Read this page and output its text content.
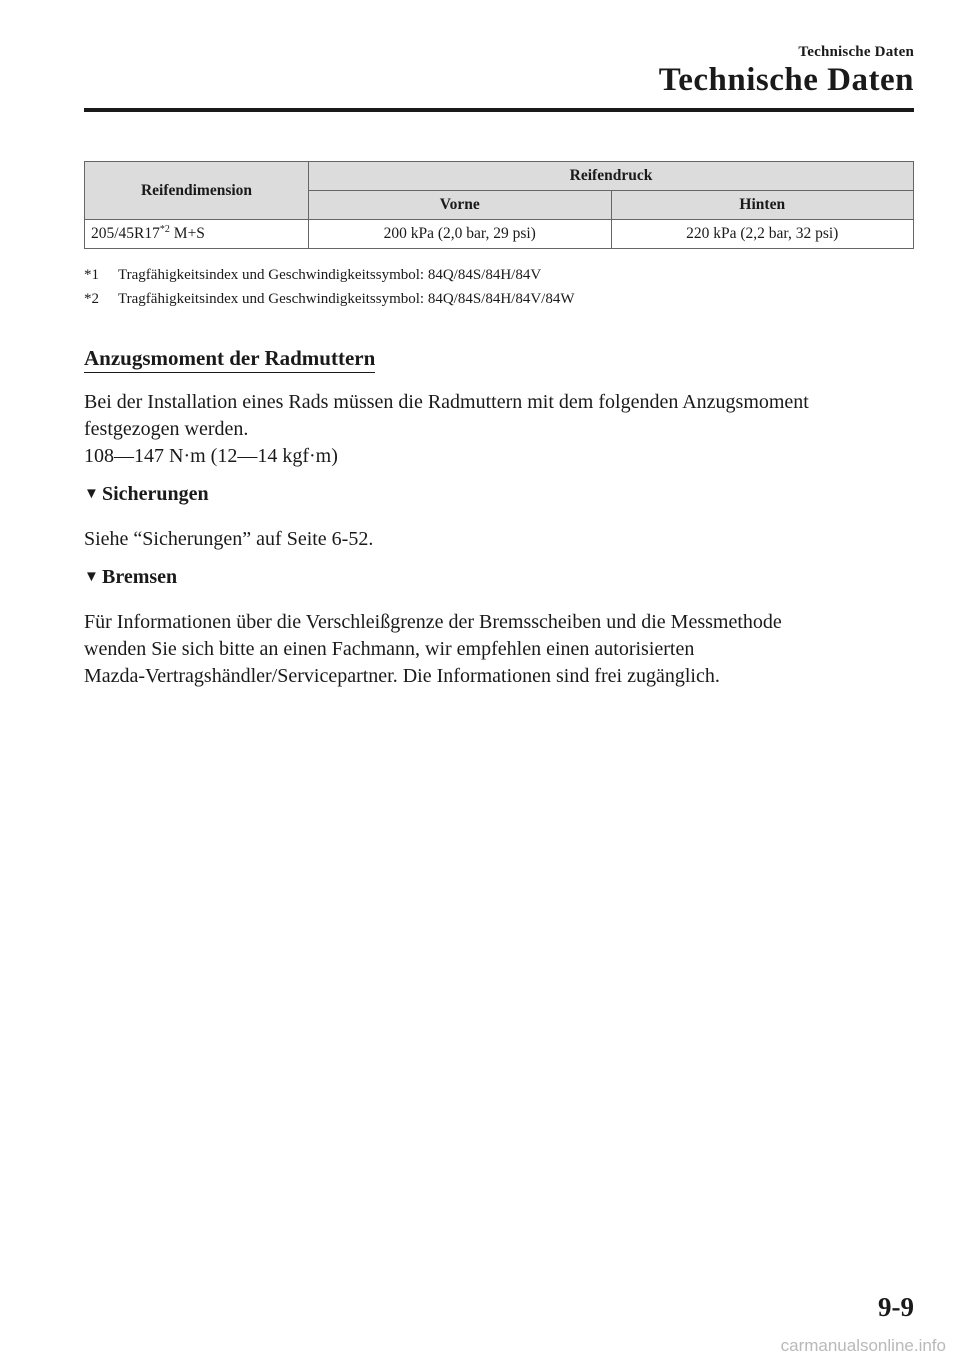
Technische Daten
Technische Daten
Reifendimension	Reifendruck	
	Vorne	Hinten
205/45R17$^{*2}$ M+S	200 kPa (2,0 bar, 29 psi)	220 kPa (2,2 bar, 32 psi)
*1	Tragfähigkeitsindex und Geschwindigkeitssymbol: 84Q/84S/84H/84V
*2	Tragfähigkeitsindex und Geschwindigkeitssymbol: 84Q/84S/84H/84V/84W
Anzugsmoment der Radmuttern
Bei der Installation eines Rads müssen die Radmuttern mit dem folgenden Anzugsmoment
festgezogen werden.
108―147 N·m (12―14 kgf·m)
▼ Sicherungen
Siehe “Sicherungen” auf Seite 6-52.
▼ Bremsen
Für Informationen über die Verschleißgrenze der Bremsscheiben und die Messmethode
wenden Sie sich bitte an einen Fachmann, wir empfehlen einen autorisierten
Mazda-Vertragshändler/Servicepartner. Die Informationen sind frei zugänglich.
9-9
carmanualsonline.info
